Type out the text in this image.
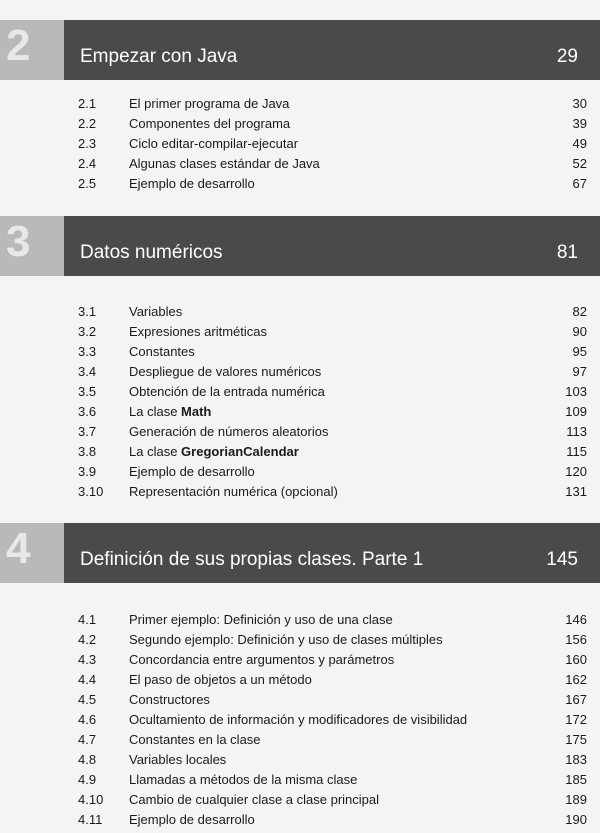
2	Empezar con Java	29
2.1	El primer programa de Java	30
2.2	Componentes del programa	39
2.3	Ciclo editar-compilar-ejecutar	49
2.4	Algunas clases estándar de Java	52
2.5	Ejemplo de desarrollo	67
3	Datos numéricos	81
3.1	Variables	82
3.2	Expresiones aritméticas	90
3.3	Constantes	95
3.4	Despliegue de valores numéricos	97
3.5	Obtención de la entrada numérica	103
3.6	La clase Math	109
3.7	Generación de números aleatorios	113
3.8	La clase GregorianCalendar	115
3.9	Ejemplo de desarrollo	120
3.10 Representación numérica (opcional)	131
4	Definición de sus propias clases. Parte 1	145
4.1	Primer ejemplo: Definición y uso de una clase	146
4.2	Segundo ejemplo: Definición y uso de clases múltiples	156
4.3	Concordancia entre argumentos y parámetros	160
4.4	El paso de objetos a un método	162
4.5	Constructores	167
4.6	Ocultamiento de información y modificadores de visibilidad	172
4.7	Constantes en la clase	175
4.8	Variables locales	183
4.9	Llamadas a métodos de la misma clase	185
4.10 Cambio de cualquier clase a clase principal	189
4.11 Ejemplo de desarrollo	190
